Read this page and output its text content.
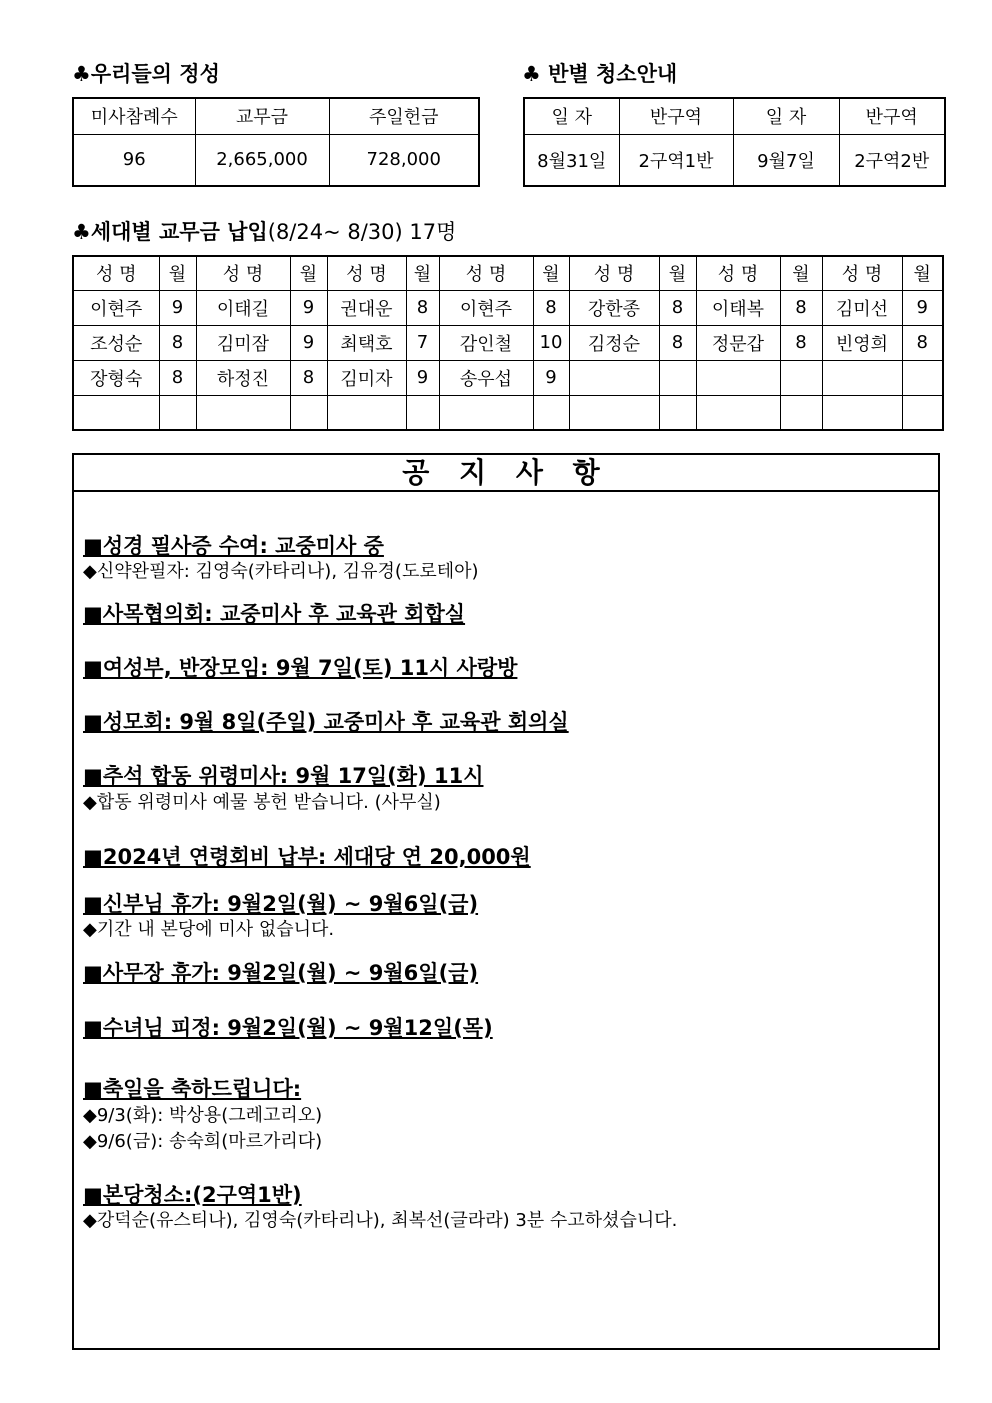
♣우리들의 정성
미사참례수	교무금	주일헌금
96	2,665,000	728,000
♣ 반별 청소안내
일 자	반구역	일 자	반구역
8월31일	2구역1반	9월7일	2구역2반
♣세대별 교무금 납입(8/24~ 8/30) 17명
성 명	월	성 명	월	성 명	월	성 명	월	성 명	월	성 명	월	성 명	월
이현주	9	이태길	9	권대운	8	이현주	8	강한종	8	이태복	8	김미선	9
조성순	8	김미잠	9	최택호	7	감인철	10	김정순	8	정문갑	8	빈영희	8
장형숙	8	하정진	8	김미자	9	송우섭	9						

공 지 사 항
■성경 필사증 수여: 교중미사 중
◆신약완필자: 김영숙(카타리나), 김유경(도로테아)
■사목협의회: 교중미사 후 교육관 회합실
■여성부, 반장모임: 9월 7일(토) 11시 사랑방
■성모회: 9월 8일(주일) 교중미사 후 교육관 회의실
■추석 합동 위령미사: 9월 17일(화) 11시
◆합동 위령미사 예물 봉헌 받습니다. (사무실)
■2024년 연령회비 납부: 세대당 연 20,000원
■신부님 휴가: 9월2일(월) ~ 9월6일(금)
◆기간 내 본당에 미사 없습니다.
■사무장 휴가: 9월2일(월) ~ 9월6일(금)
■수녀님 피정: 9월2일(월) ~ 9월12일(목)
■축일을 축하드립니다:
◆9/3(화): 박상용(그레고리오)
◆9/6(금): 송숙희(마르가리다)
■본당청소:(2구역1반)
◆강덕순(유스티나), 김영숙(카타리나), 최복선(글라라) 3분 수고하셨습니다.
